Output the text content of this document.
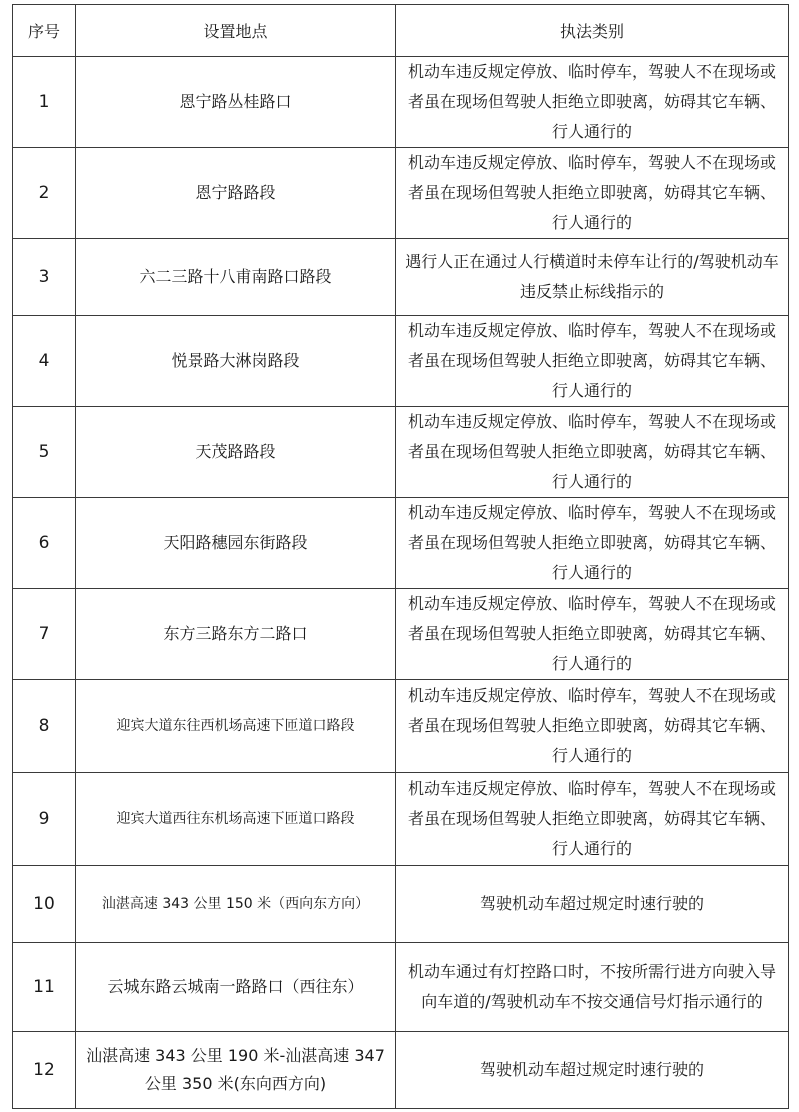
序号	设置地点	执法类别
1	恩宁路丛桂路口	机动车违反规定停放、临时停车，驾驶人不在现场或者虽在现场但驾驶人拒绝立即驶离，妨碍其它车辆、行人通行的
2	恩宁路路段	机动车违反规定停放、临时停车，驾驶人不在现场或者虽在现场但驾驶人拒绝立即驶离，妨碍其它车辆、行人通行的
3	六二三路十八甫南路口路段	遇行人正在通过人行横道时未停车让行的/驾驶机动车违反禁止标线指示的
4	悦景路大淋岗路段	机动车违反规定停放、临时停车，驾驶人不在现场或者虽在现场但驾驶人拒绝立即驶离，妨碍其它车辆、行人通行的
5	天茂路路段	机动车违反规定停放、临时停车，驾驶人不在现场或者虽在现场但驾驶人拒绝立即驶离，妨碍其它车辆、行人通行的
6	天阳路穗园东街路段	机动车违反规定停放、临时停车，驾驶人不在现场或者虽在现场但驾驶人拒绝立即驶离，妨碍其它车辆、行人通行的
7	东方三路东方二路口	机动车违反规定停放、临时停车，驾驶人不在现场或者虽在现场但驾驶人拒绝立即驶离，妨碍其它车辆、行人通行的
8	迎宾大道东往西机场高速下匝道口路段	机动车违反规定停放、临时停车，驾驶人不在现场或者虽在现场但驾驶人拒绝立即驶离，妨碍其它车辆、行人通行的
9	迎宾大道西往东机场高速下匝道口路段	机动车违反规定停放、临时停车，驾驶人不在现场或者虽在现场但驾驶人拒绝立即驶离，妨碍其它车辆、行人通行的
10	汕湛高速 343 公里 150 米（西向东方向）	驾驶机动车超过规定时速行驶的
11	云城东路云城南一路路口（西往东）	机动车通过有灯控路口时，不按所需行进方向驶入导向车道的/驾驶机动车不按交通信号灯指示通行的
12	汕湛高速 343 公里 190 米-汕湛高速 347 公里 350 米(东向西方向)	驾驶机动车超过规定时速行驶的
